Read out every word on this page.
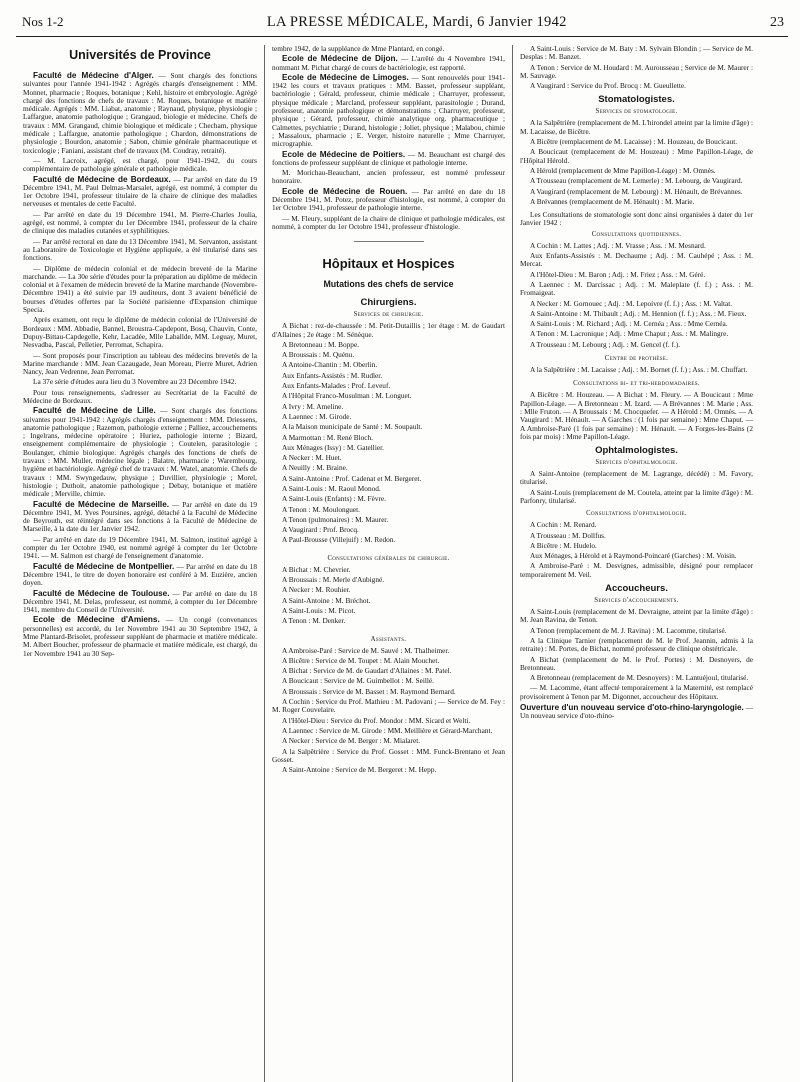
Nos 1-2	LA PRESSE MÉDICALE, Mardi, 6 Janvier 1942	23
Universités de Province

Faculté de Médecine d'Alger. — Sont chargés des fonctions suivantes pour l'année 1941-1942 : Agrégés chargés d'enseignement : MM. Monnet, pharmacie ; Roques, botanique ; Kehl, histoire et embryologie. Agrégé chargé des fonctions de chefs de travaux : M. Roques, botanique et matière médicale. Agrégés : MM. Liabat, anatomie ; Raynaud, physique, physiologie ; Laffargue, anatomie pathologique ; Grangaud, biologie et médecine. Chefs de travaux : MM. Grangaud, chimie biologique et médicale ; Checham, physique médicale ; Laffargue, anatomie pathologique ; Chardon, démonstrations de physiologie ; Bourdon, anatomie ; Sabon, chimie générale pharmaceutique et toxicologie ; Faniani, assistant chef de travaux (M. Coudray, retraité).

— M. Lacroix, agrégé, est chargé, pour 1941-1942, du cours complémentaire de pathologie générale et pathologie médicale.

Faculté de Médecine de Bordeaux. — Par arrêté en date du 19 Décembre 1941, M. Paul Delmas-Marsalet, agrégé, est nommé, à compter du 1er Octobre 1941, professeur titulaire de la chaire de clinique des maladies nerveuses et mentales de cette Faculté.

— Par arrêté en date du 19 Décembre 1941, M. Pierre-Charles Joulia, agrégé, est nommé, à compter du 1er Décembre 1941, professeur de la chaire de clinique des maladies cutanées et syphilitiques.

— Par arrêté rectoral en date du 13 Décembre 1941, M. Servanton, assistant au Laboratoire de Toxicologie et Hygiène appliquée, a été titularisé dans ses fonctions.

— Diplôme de médecin colonial et de médecin breveté de la Marine marchande. — La 30e série d'études pour la préparation au diplôme de médecin colonial et à l'examen de médecin breveté de la Marine marchande (Novembre-Décembre 1941) a été suivie par 19 auditeurs, dont 3 avaient bénéficié de bourses d'études offertes par la Société parisienne d'Expansion chimique Specia.

Après examen, ont reçu le diplôme de médecin colonial de l'Université de Bordeaux : MM. Abbadie, Bannel, Broustra-Capdepont, Bosq, Chauvin, Conte, Dupuy-Bittau-Capdegelle, Kehr, Lacadée, Mlle Laballde, MM. Leguay, Muret, Nesvadba, Pascal, Pelletier, Perromat, Schapira.

— Sont proposés pour l'inscription au tableau des médecins brevetés de la Marine marchande : MM. Jean Cazaugade, Jean Moreau, Pierre Muret, Adrien Nancy, Jean Vedrenne, Jean Perromat.

La 37e série d'études aura lieu du 3 Novembre au 23 Décembre 1942.

Pour tous renseignements, s'adresser au Secrétariat de la Faculté de Médecine de Bordeaux.

Faculté de Médecine de Lille. — Sont chargés des fonctions suivantes pour 1941-1942 : Agrégés chargés d'enseignement : MM. Driessens, anatomie pathologique ; Razemon, pathologie externe ; Palliez, accouchements ; Ingelrans, médecine opératoire ; Huriez, pathologie interne ; Bizard, enseignement complémentaire de physiologie ; Coutelen, parasitologie ; Boulanger, chimie biologique. Agrégés chargés des fonctions de chefs de travaux : MM. Muller, médecine légale ; Balatre, pharmacie ; Warembourg, hygiène et bactériologie. Agrégé chef de travaux : M. Watel, anatomie. Chefs de travaux : MM. Swyngedauw, physique ; Duvillier, physiologie ; Morel, histologie ; Duthoit, anatomie pathologique ; Debay, botanique et matière médicale ; Merville, chimie.

Faculté de Médecine de Marseille. — Par arrêté en date du 19 Décembre 1941, M. Yves Poursines, agrégé, détaché à la Faculté de Médecine de Beyrouth, est réintégré dans ses fonctions à la Faculté de Médecine de Marseille, à la date du 1er Janvier 1942.

— Par arrêté en date du 19 Décembre 1941, M. Salmon, institué agrégé à compter du 1er Octobre 1940, est nommé agrégé à compter du 1er Octobre 1941. — M. Salmon est chargé de l'enseignement d'anatomie.

Faculté de Médecine de Montpellier. — Par arrêté en date du 18 Décembre 1941, le titre de doyen honoraire est conféré à M. Euzière, ancien doyen.

Faculté de Médecine de Toulouse. — Par arrêté en date du 18 Décembre 1941, M. Delas, professeur, est nommé, à compter du 1er Décembre 1941, membre du Conseil de l'Université.

Ecole de Médecine d'Amiens. — Un congé (convenances personnelles) est accordé, du 1er Novembre 1941 au 30 Septembre 1942, à Mme Plantard-Brisolet, professeur suppléant de pharmacie et matière médicale. M. Albert Boucher, professeur de pharmacie et matière médicale, est chargé, du 1er Novembre 1941 au 30 Sep-

tembre 1942, de la suppléance de Mme Plantard, en congé.

Ecole de Médecine de Dijon. — L'arrêté du 4 Novembre 1941, nommant M. Pichat chargé de cours de bactériologie, est rapporté.

Ecole de Médecine de Limoges. — Sont renouvelés pour 1941-1942 les cours et travaux pratiques : MM. Basset, professeur suppléant, bactériologie ; Gérald, professeur, chimie médicale ; Charruyer, professeur, physique médicale ; Marcland, professeur suppléant, parasitologie ; Durand, professeur, anatomie pathologique et démonstrations ; Charruyer, professeur, physique ; Gérard, professeur, chimie analytique org. pharmaceutique ; Calmettes, psychiatrie ; Durand, histologie ; Joliet, physique ; Malabou, chimie ; Massaloux, pharmacie ; E. Verger, histoire naturelle ; Mme Charruyer, micrographie.

Ecole de Médecine de Poitiers. — M. Beauchant est chargé des fonctions de professeur suppléant de clinique et pathologie interne.

M. Morichau-Beauchant, ancien professeur, est nommé professeur honoraire.

Ecole de Médecine de Rouen. — Par arrêté en date du 18 Décembre 1941, M. Potez, professeur d'histologie, est nommé, à compter du 1er Octobre 1941, professeur de pathologie interne.

— M. Fleury, suppléant de la chaire de clinique et pathologie médicales, est nommé, à compter du 1er Octobre 1941, professeur d'histologie.

Hôpitaux et Hospices
Mutations des chefs de service
Chirurgiens.
Services de chirurgie.

A Bichat : rez-de-chaussée : M. Petit-Dutaillis ; 1er étage : M. de Gaudart d'Allaines ; 2e étage : M. Sénèque.

A Bretonneau : M. Boppe.

A Broussais : M. Quénu.

A Antoine-Chantin : M. Oberlin.

Aux Enfants-Assistés : M. Rudler.

Aux Enfants-Malades : Prof. Leveuf.

A l'Hôpital Franco-Musulman : M. Longuet.

A Ivry : M. Ameline.

A Laennec : M. Girode.

A la Maison municipale de Santé : M. Soupault.

A Marmottan : M. René Bloch.

Aux Ménages (Issy) : M. Gatellier.

A Necker : M. Huet.

A Neuilly : M. Braine.

A Saint-Antoine : Prof. Cadenat et M. Bergeret.

A Saint-Louis : M. Raoul Monod.

A Saint-Louis (Enfants) : M. Fèvre.

A Tenon : M. Moulonguet.

A Tenon (pulmonaires) : M. Maurer.

A Vaugirard : Prof. Brocq.

A Paul-Brousse (Villejuif) : M. Redon.

Consultations générales de chirurgie.

A Bichat : M. Chevrier.

A Broussais : M. Merle d'Aubigné.

A Necker : M. Rouhier.

A Saint-Antoine : M. Bréchot.

A Saint-Louis : M. Picot.

A Tenon : M. Denker.

Assistants.

A Ambroise-Paré : Service de M. Sauvé : M. Thalheimer.

A Bicêtre : Service de M. Toupet : M. Alain Mouchet.

A Bichat : Service de M. de Gaudart d'Allaines : M. Patel.

A Boucicaut : Service de M. Guimbellot : M. Seillé.

A Broussais : Service de M. Basset : M. Raymond Bernard.

A Cochin : Service du Prof. Mathieu : M. Padovani ; — Service de M. Fey : M. Roger Couvelaire.

A l'Hôtel-Dieu : Service du Prof. Mondor : MM. Sicard et Welti.

A Laennec : Service de M. Girode : MM. Meillière et Gérard-Marchant.

A Necker : Service de M. Berger : M. Mialaret.

A la Salpêtrière : Service du Prof. Gosset : MM. Funck-Brentano et Jean Gosset.

A Saint-Antoine : Service de M. Bergeret : M. Hepp.

A Saint-Louis : Service de M. Baty : M. Sylvain Blondin ; — Service de M. Desplas : M. Banzet.

A Tenon : Service de M. Houdard : M. Aurousseau ; Service de M. Maurer : M. Sauvage.

A Vaugirard : Service du Prof. Brocq : M. Gueullette.

Stomatologistes.
Services de stomatologie.

A la Salpêtrière (remplacement de M. L'hirondel atteint par la limite d'âge) : M. Lacaisse, de Bicêtre.

A Bicêtre (remplacement de M. Lacaisse) : M. Houzeau, de Boucicaut.

A Boucicaut (remplacement de M. Houzeau) : Mme Papillon-Léage, de l'Hôpital Hérold.

A Hérold (remplacement de Mme Papillon-Léage) : M. Omnès.

A Trousseau (remplacement de M. Lemerle) : M. Lebourg, de Vaugirard.

A Vaugirard (remplacement de M. Lebourg) : M. Hénault, de Brévannes.

A Brévannes (remplacement de M. Hénault) : M. Marie.

Les Consultations de stomatologie sont donc ainsi organisées à dater du 1er Janvier 1942 :

Consultations quotidiennes.

A Cochin : M. Lattes ; Adj. : M. Vrasse ; Ass. : M. Mesnard.

Aux Enfants-Assistés : M. Dechaume ; Adj. : M. Cauhépé ; Ass. : M. Mercat.

A l'Hôtel-Dieu : M. Baron ; Adj. : M. Friez ; Ass. : M. Géré.

A Laennec : M. Darcissac ; Adj. : M. Maleplate (f. f.) ; Ass. : M. Fromaigeat.

A Necker : M. Gornouec ; Adj. : M. Lepoivre (f. f.) ; Ass. : M. Valtat.

A Saint-Antoine : M. Thibault ; Adj. : M. Hennion (f. f.) ; Ass. : M. Fieux.

A Saint-Louis : M. Richard ; Adj. : M. Cernéa ; Ass. : Mme Cernéa.

A Tenon : M. Lacronique ; Adj. : Mme Chaput ; Ass. : M. Malingre.

A Trousseau : M. Lebourg ; Adj. : M. Gencel (f. f.).

Centre de prothèse.

A la Salpêtrière : M. Lacaisse ; Adj. : M. Bornet (f. f.) ; Ass. : M. Chuffart.

Consultations bi- et tri-hebdomadaires.

A Bicêtre : M. Houzeau. — A Bichat : M. Fleury. — A Boucicaut : Mme Papillon-Léage. — A Bretonneau : M. Izard. — A Brévannes : M. Marie ; Ass. : Mlle Fruton. — A Broussais : M. Chocquefer. — A Hérold : M. Omnès. — A Vaugirard : M. Hénault. — A Garches : (1 fois par semaine) : Mme Chaput. — A Ambroise-Paré (1 fois par semaine) : M. Hénault. — A Forges-les-Bains (2 fois par mois) : Mme Papillon-Léage.

Ophtalmologistes.
Services d'ophtalmologie.

A Saint-Antoine (remplacement de M. Lagrange, décédé) : M. Favory, titularisé.

A Saint-Louis (remplacement de M. Coutela, atteint par la limite d'âge) : M. Parfonry, titularisé.

Consultations d'ophtalmologie.

A Cochin : M. Renard.

A Trousseau : M. Dollfus.

A Bicêtre : M. Hudelo.

Aux Ménages, à Hérold et à Raymond-Poincaré (Garches) : M. Voisin.

A Ambroise-Paré : M. Desvignes, admissible, désigné pour remplacer temporairement M. Veil.

Accoucheurs.
Services d'accouchements.

A Saint-Louis (remplacement de M. Devraigne, atteint par la limite d'âge) : M. Jean Ravina, de Tenon.

A Tenon (remplacement de M. J. Ravina) : M. Lacomme, titularisé.

A la Clinique Tarnier (remplacement de M. le Prof. Jeannin, admis à la retraite) : M. Portes, de Bichat, nommé professeur de clinique obstétricale.

A Bichat (remplacement de M. le Prof. Portes) : M. Desnoyers, de Bretonneau.

A Bretonneau (remplacement de M. Desnoyers) : M. Lantuéjoul, titularisé.

— M. Lacomme, étant affecté temporairement à la Maternité, est remplacé provisoirement à Tenon par M. Digonnet, accoucheur des Hôpitaux.

Ouverture d'un nouveau service d'oto-rhino-laryngologie. — Un nouveau service d'oto-rhino-
